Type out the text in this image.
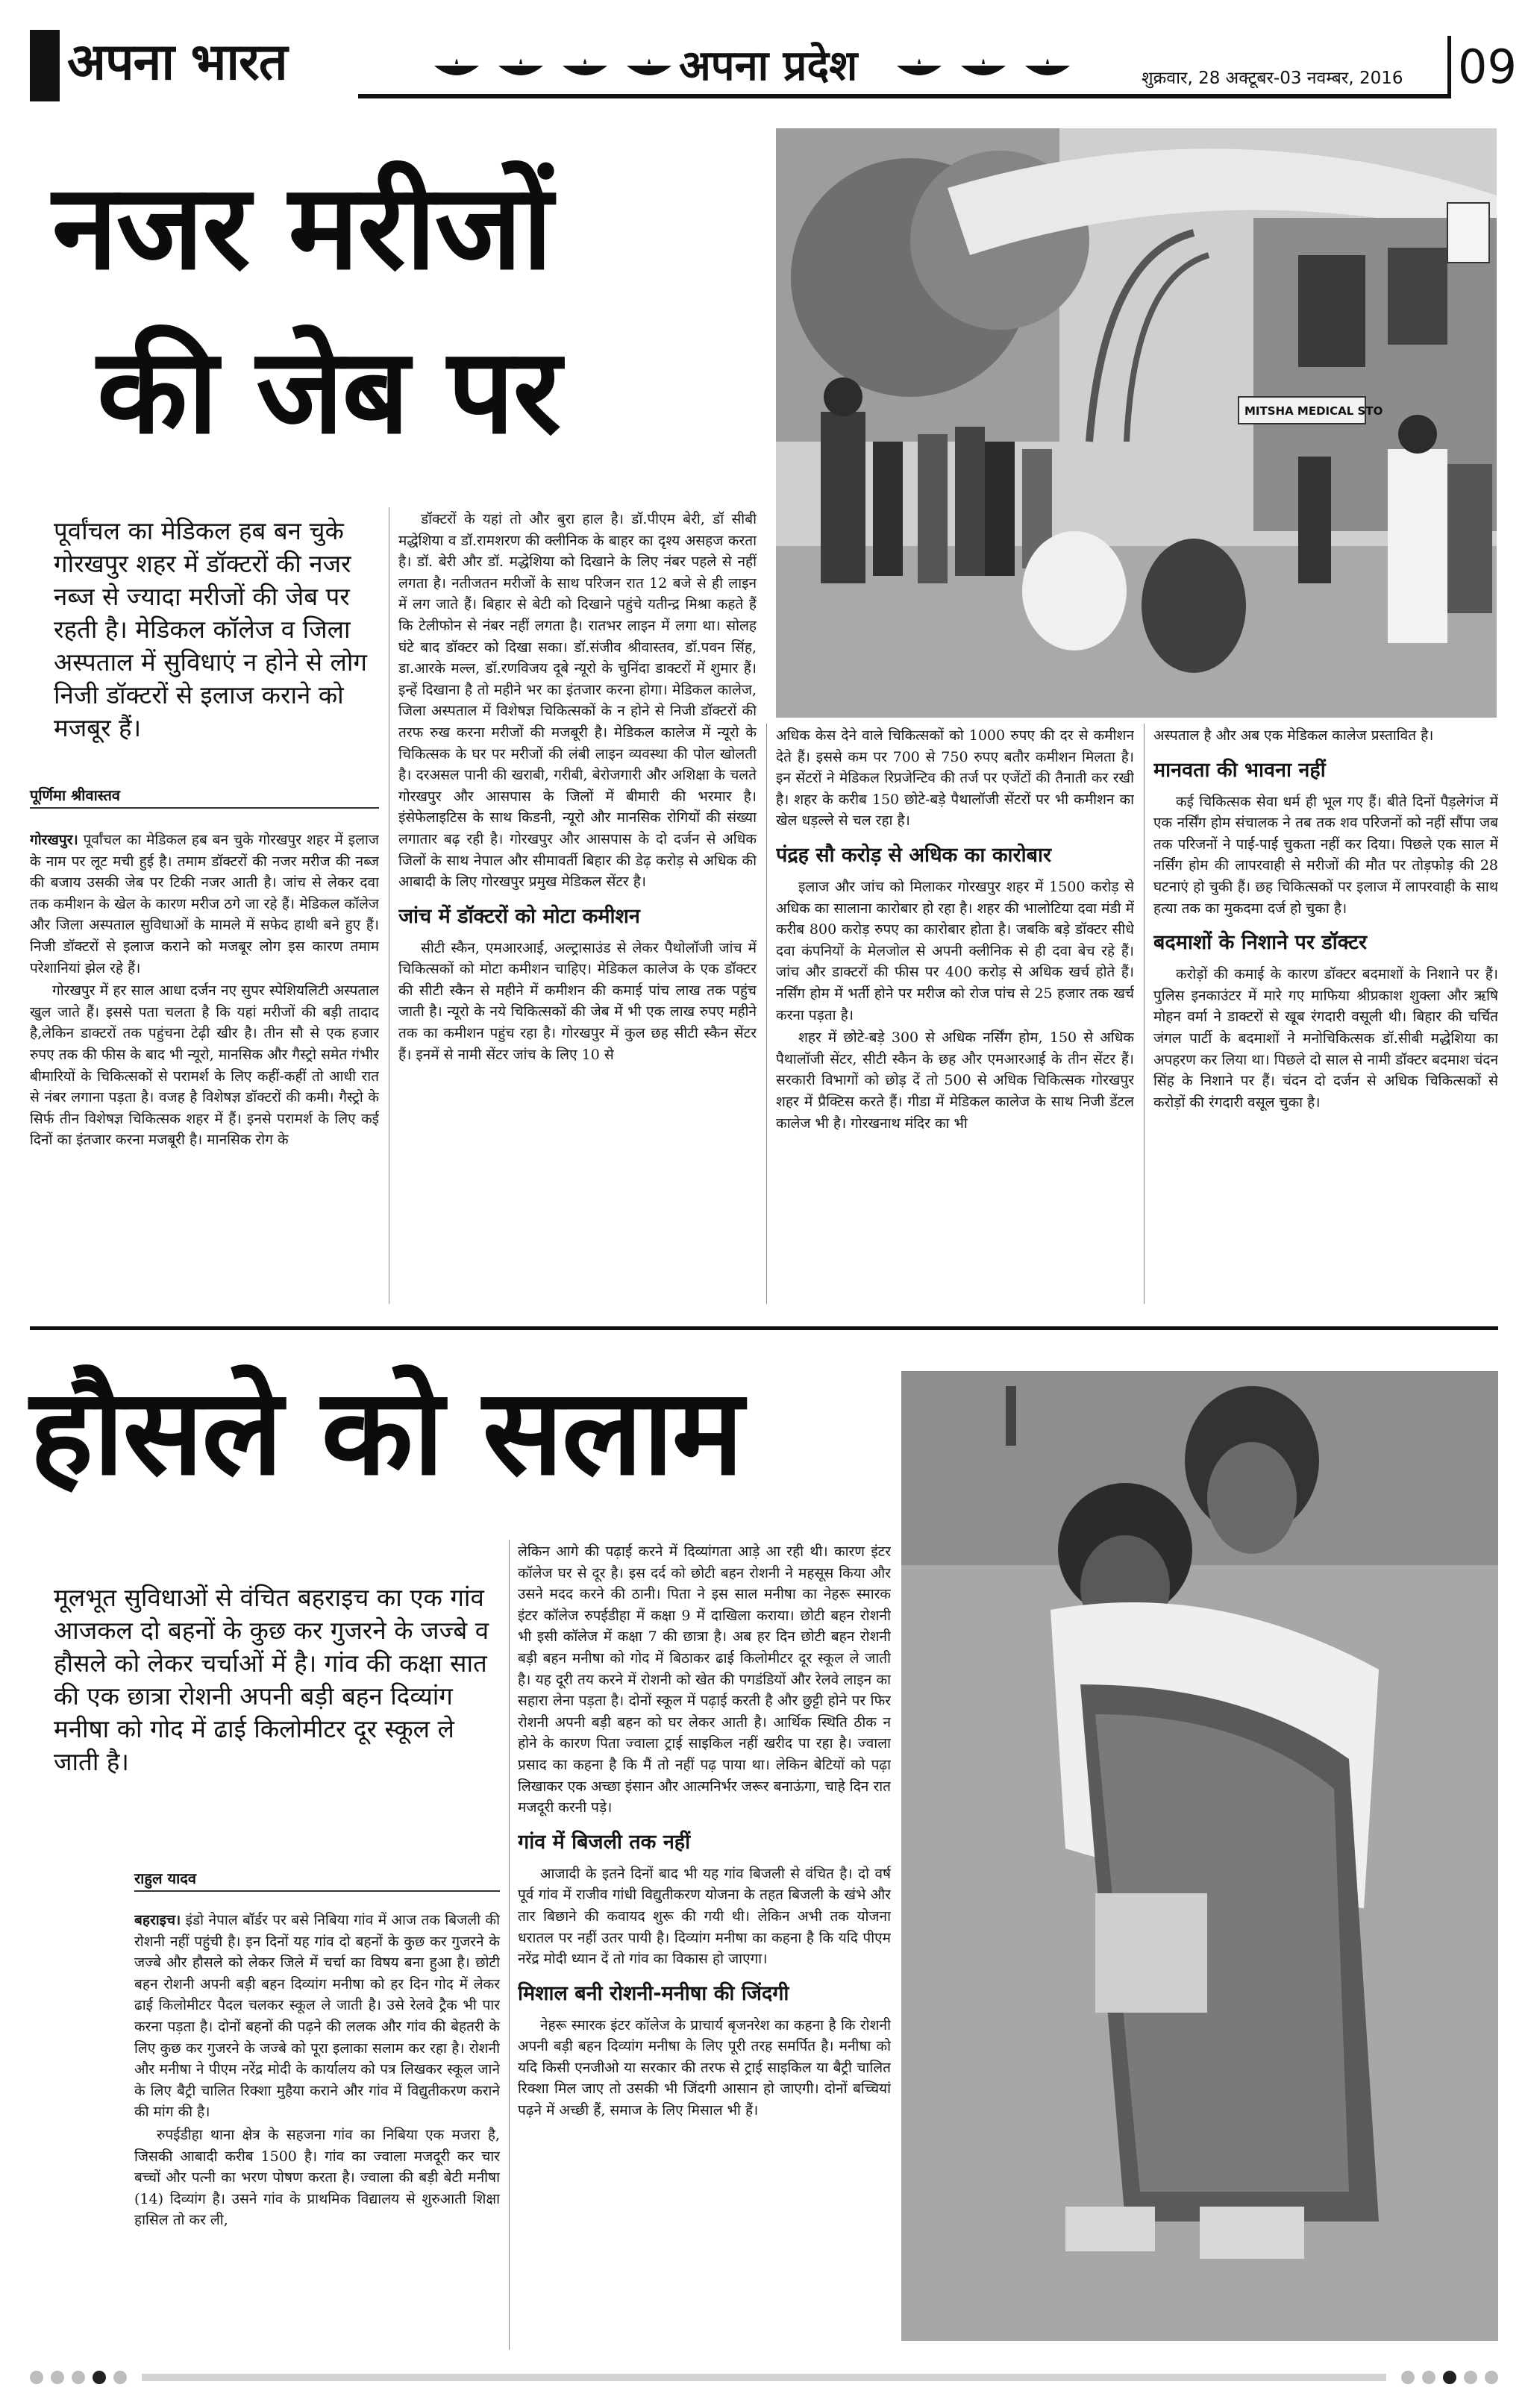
अपना भारत	अपना प्रदेश	शुक्रवार, 28 अक्टूबर-03 नवम्बर, 2016 09
नजर मरीजों
की जेब पर	MITSHA MEDICAL STO
पूर्वांचल का मेडिकल हब बन चुके गोरखपुर शहर में डॉक्टरों की नजर नब्ज से ज्यादा मरीजों की जेब पर रहती है। मेडिकल कॉलेज व जिला अस्पताल में सुविधाएं न होने से लोग निजी डॉक्टरों से इलाज कराने को मजबूर हैं।
पूर्णिमा श्रीवास्तव

गोरखपुर। पूर्वांचल का मेडिकल हब बन चुके गोरखपुर शहर में इलाज के नाम पर लूट मची हुई है। तमाम डॉक्टरों की नजर मरीज की नब्ज की बजाय उसकी जेब पर टिकी नजर आती है। जांच से लेकर दवा तक कमीशन के खेल के कारण मरीज ठगे जा रहे हैं। मेडिकल कॉलेज और जिला अस्पताल सुविधाओं के मामले में सफेद हाथी बने हुए हैं। निजी डॉक्टरों से इलाज कराने को मजबूर लोग इस कारण तमाम परेशानियां झेल रहे हैं।

गोरखपुर में हर साल आधा दर्जन नए सुपर स्पेशियलिटी अस्पताल खुल जाते हैं। इससे पता चलता है कि यहां मरीजों की बड़ी तादाद है,लेकिन डाक्टरों तक पहुंचना टेढ़ी खीर है। तीन सौ से एक हजार रुपए तक की फीस के बाद भी न्यूरो, मानसिक और गैस्ट्रो समेत गंभीर बीमारियों के चिकित्सकों से परामर्श के लिए कहीं-कहीं तो आधी रात से नंबर लगाना पड़ता है। वजह है विशेषज्ञ डॉक्टरों की कमी। गैस्ट्रो के सिर्फ तीन विशेषज्ञ चिकित्सक शहर में हैं। इनसे परामर्श के लिए कई दिनों का इंतजार करना मजबूरी है। मानसिक रोग के

डॉक्टरों के यहां तो और बुरा हाल है। डॉ.पीएम बेरी, डॉ सीबी मद्धेशिया व डॉ.रामशरण की क्लीनिक के बाहर का दृश्य असहज करता है। डॉ. बेरी और डॉ. मद्धेशिया को दिखाने के लिए नंबर पहले से नहीं लगता है। नतीजतन मरीजों के साथ परिजन रात 12 बजे से ही लाइन में लग जाते हैं। बिहार से बेटी को दिखाने पहुंचे यतीन्द्र मिश्रा कहते हैं कि टेलीफोन से नंबर नहीं लगता है। रातभर लाइन में लगा था। सोलह घंटे बाद डॉक्टर को दिखा सका। डॉ.संजीव श्रीवास्तव, डॉ.पवन सिंह, डा.आरके मल्ल, डॉ.रणविजय दूबे न्यूरो के चुनिंदा डाक्टरों में शुमार हैं। इन्हें दिखाना है तो महीने भर का इंतजार करना होगा। मेडिकल कालेज, जिला अस्पताल में विशेषज्ञ चिकित्सकों के न होने से निजी डॉक्टरों की तरफ रुख करना मरीजों की मजबूरी है। मेडिकल कालेज में न्यूरो के चिकित्सक के घर पर मरीजों की लंबी लाइन व्यवस्था की पोल खोलती है। दरअसल पानी की खराबी, गरीबी, बेरोजगारी और अशिक्षा के चलते गोरखपुर और आसपास के जिलों में बीमारी की भरमार है। इंसेफेलाइटिस के साथ किडनी, न्यूरो और मानसिक रोगियों की संख्या लगातार बढ़ रही है। गोरखपुर और आसपास के दो दर्जन से अधिक जिलों के साथ नेपाल और सीमावर्ती बिहार की डेढ़ करोड़ से अधिक की आबादी के लिए गोरखपुर प्रमुख मेडिकल सेंटर है।

जांच में डॉक्टरों को मोटा कमीशन

सीटी स्कैन, एमआरआई, अल्ट्रासाउंड से लेकर पैथोलॉजी जांच में चिकित्सकों को मोटा कमीशन चाहिए। मेडिकल कालेज के एक डॉक्टर की सीटी स्कैन से महीने में कमीशन की कमाई पांच लाख तक पहुंच जाती है। न्यूरो के नये चिकित्सकों की जेब में भी एक लाख रुपए महीने तक का कमीशन पहुंच रहा है। गोरखपुर में कुल छह सीटी स्कैन सेंटर हैं। इनमें से नामी सेंटर जांच के लिए 10 से

अधिक केस देने वाले चिकित्सकों को 1000 रुपए की दर से कमीशन देते हैं। इससे कम पर 700 से 750 रुपए बतौर कमीशन मिलता है। इन सेंटरों ने मेडिकल रिप्रजेन्टिव की तर्ज पर एजेंटों की तैनाती कर रखी है। शहर के करीब 150 छोटे-बड़े पैथालॉजी सेंटरों पर भी कमीशन का खेल धड़ल्ले से चल रहा है।

पंद्रह सौ करोड़ से अधिक का कारोबार

इलाज और जांच को मिलाकर गोरखपुर शहर में 1500 करोड़ से अधिक का सालाना कारोबार हो रहा है। शहर की भालोटिया दवा मंडी में करीब 800 करोड़ रुपए का कारोबार होता है। जबकि बड़े डॉक्टर सीधे दवा कंपनियों के मेलजोल से अपनी क्लीनिक से ही दवा बेच रहे हैं। जांच और डाक्टरों की फीस पर 400 करोड़ से अधिक खर्च होते हैं। नर्सिंग होम में भर्ती होने पर मरीज को रोज पांच से 25 हजार तक खर्च करना पड़ता है।

शहर में छोटे-बड़े 300 से अधिक नर्सिंग होम, 150 से अधिक पैथालॉजी सेंटर, सीटी स्कैन के छह और एमआरआई के तीन सेंटर हैं। सरकारी विभागों को छोड़ दें तो 500 से अधिक चिकित्सक गोरखपुर शहर में प्रैक्टिस करते हैं। गीडा में मेडिकल कालेज के साथ निजी डेंटल कालेज भी है। गोरखनाथ मंदिर का भी

अस्पताल है और अब एक मेडिकल कालेज प्रस्तावित है।

मानवता की भावना नहीं

कई चिकित्सक सेवा धर्म ही भूल गए हैं। बीते दिनों पैड़लेगंज में एक नर्सिंग होम संचालक ने तब तक शव परिजनों को नहीं सौंपा जब तक परिजनों ने पाई-पाई चुकता नहीं कर दिया। पिछले एक साल में नर्सिंग होम की लापरवाही से मरीजों की मौत पर तोड़फोड़ की 28 घटनाएं हो चुकी हैं। छह चिकित्सकों पर इलाज में लापरवाही के साथ हत्या तक का मुकदमा दर्ज हो चुका है।

बदमाशों के निशाने पर डॉक्टर

करोड़ों की कमाई के कारण डॉक्टर बदमाशों के निशाने पर हैं। पुलिस इनकाउंटर में मारे गए माफिया श्रीप्रकाश शुक्ला और ऋषि मोहन वर्मा ने डाक्टरों से खूब रंगदारी वसूली थी। बिहार की चर्चित जंगल पार्टी के बदमाशों ने मनोचिकित्सक डॉ.सीबी मद्धेशिया का अपहरण कर लिया था। पिछले दो साल से नामी डॉक्टर बदमाश चंदन सिंह के निशाने पर हैं। चंदन दो दर्जन से अधिक चिकित्सकों से करोड़ों की रंगदारी वसूल चुका है।

हौसले को सलाम
मूलभूत सुविधाओं से वंचित बहराइच का एक गांव आजकल दो बहनों के कुछ कर गुजरने के जज्बे व हौसले को लेकर चर्चाओं में है। गांव की कक्षा सात की एक छात्रा रोशनी अपनी बड़ी बहन दिव्यांग मनीषा को गोद में ढाई किलोमीटर दूर स्कूल ले जाती है।
राहुल यादव

बहराइच। इंडो नेपाल बॉर्डर पर बसे निबिया गांव में आज तक बिजली की रोशनी नहीं पहुंची है। इन दिनों यह गांव दो बहनों के कुछ कर गुजरने के जज्बे और हौसले को लेकर जिले में चर्चा का विषय बना हुआ है। छोटी बहन रोशनी अपनी बड़ी बहन दिव्यांग मनीषा को हर दिन गोद में लेकर ढाई किलोमीटर पैदल चलकर स्कूल ले जाती है। उसे रेलवे ट्रैक भी पार करना पड़ता है। दोनों बहनों की पढ़ने की ललक और गांव की बेहतरी के लिए कुछ कर गुजरने के जज्बे को पूरा इलाका सलाम कर रहा है। रोशनी और मनीषा ने पीएम नरेंद्र मोदी के कार्यालय को पत्र लिखकर स्कूल जाने के लिए बैट्री चालित रिक्शा मुहैया कराने और गांव में विद्युतीकरण कराने की मांग की है।

रुपईडीहा थाना क्षेत्र के सहजना गांव का निबिया एक मजरा है, जिसकी आबादी करीब 1500 है। गांव का ज्वाला मजदूरी कर चार बच्चों और पत्नी का भरण पोषण करता है। ज्वाला की बड़ी बेटी मनीषा (14) दिव्यांग है। उसने गांव के प्राथमिक विद्यालय से शुरुआती शिक्षा हासिल तो कर ली,

लेकिन आगे की पढ़ाई करने में दिव्यांगता आड़े आ रही थी। कारण इंटर कॉलेज घर से दूर है। इस दर्द को छोटी बहन रोशनी ने महसूस किया और उसने मदद करने की ठानी। पिता ने इस साल मनीषा का नेहरू स्मारक इंटर कॉलेज रुपईडीहा में कक्षा 9 में दाखिला कराया। छोटी बहन रोशनी भी इसी कॉलेज में कक्षा 7 की छात्रा है। अब हर दिन छोटी बहन रोशनी बड़ी बहन मनीषा को गोद में बिठाकर ढाई किलोमीटर दूर स्कूल ले जाती है। यह दूरी तय करने में रोशनी को खेत की पगडंडियों और रेलवे लाइन का सहारा लेना पड़ता है। दोनों स्कूल में पढ़ाई करती है और छुट्टी होने पर फिर रोशनी अपनी बड़ी बहन को घर लेकर आती है। आर्थिक स्थिति ठीक न होने के कारण पिता ज्वाला ट्राई साइकिल नहीं खरीद पा रहा है। ज्वाला प्रसाद का कहना है कि मैं तो नहीं पढ़ पाया था। लेकिन बेटियों को पढ़ा लिखाकर एक अच्छा इंसान और आत्मनिर्भर जरूर बनाऊंगा, चाहे दिन रात मजदूरी करनी पड़े।

गांव में बिजली तक नहीं

आजादी के इतने दिनों बाद भी यह गांव बिजली से वंचित है। दो वर्ष पूर्व गांव में राजीव गांधी विद्युतीकरण योजना के तहत बिजली के खंभे और तार बिछाने की कवायद शुरू की गयी थी। लेकिन अभी तक योजना धरातल पर नहीं उतर पायी है। दिव्यांग मनीषा का कहना है कि यदि पीएम नरेंद्र मोदी ध्यान दें तो गांव का विकास हो जाएगा।

मिशाल बनी रोशनी-मनीषा की जिंदगी

नेहरू स्मारक इंटर कॉलेज के प्राचार्य बृजनरेश का कहना है कि रोशनी अपनी बड़ी बहन दिव्यांग मनीषा के लिए पूरी तरह समर्पित है। मनीषा को यदि किसी एनजीओ या सरकार की तरफ से ट्राई साइकिल या बैट्री चालित रिक्शा मिल जाए तो उसकी भी जिंदगी आसान हो जाएगी। दोनों बच्चियां पढ़ने में अच्छी हैं, समाज के लिए मिसाल भी हैं।
